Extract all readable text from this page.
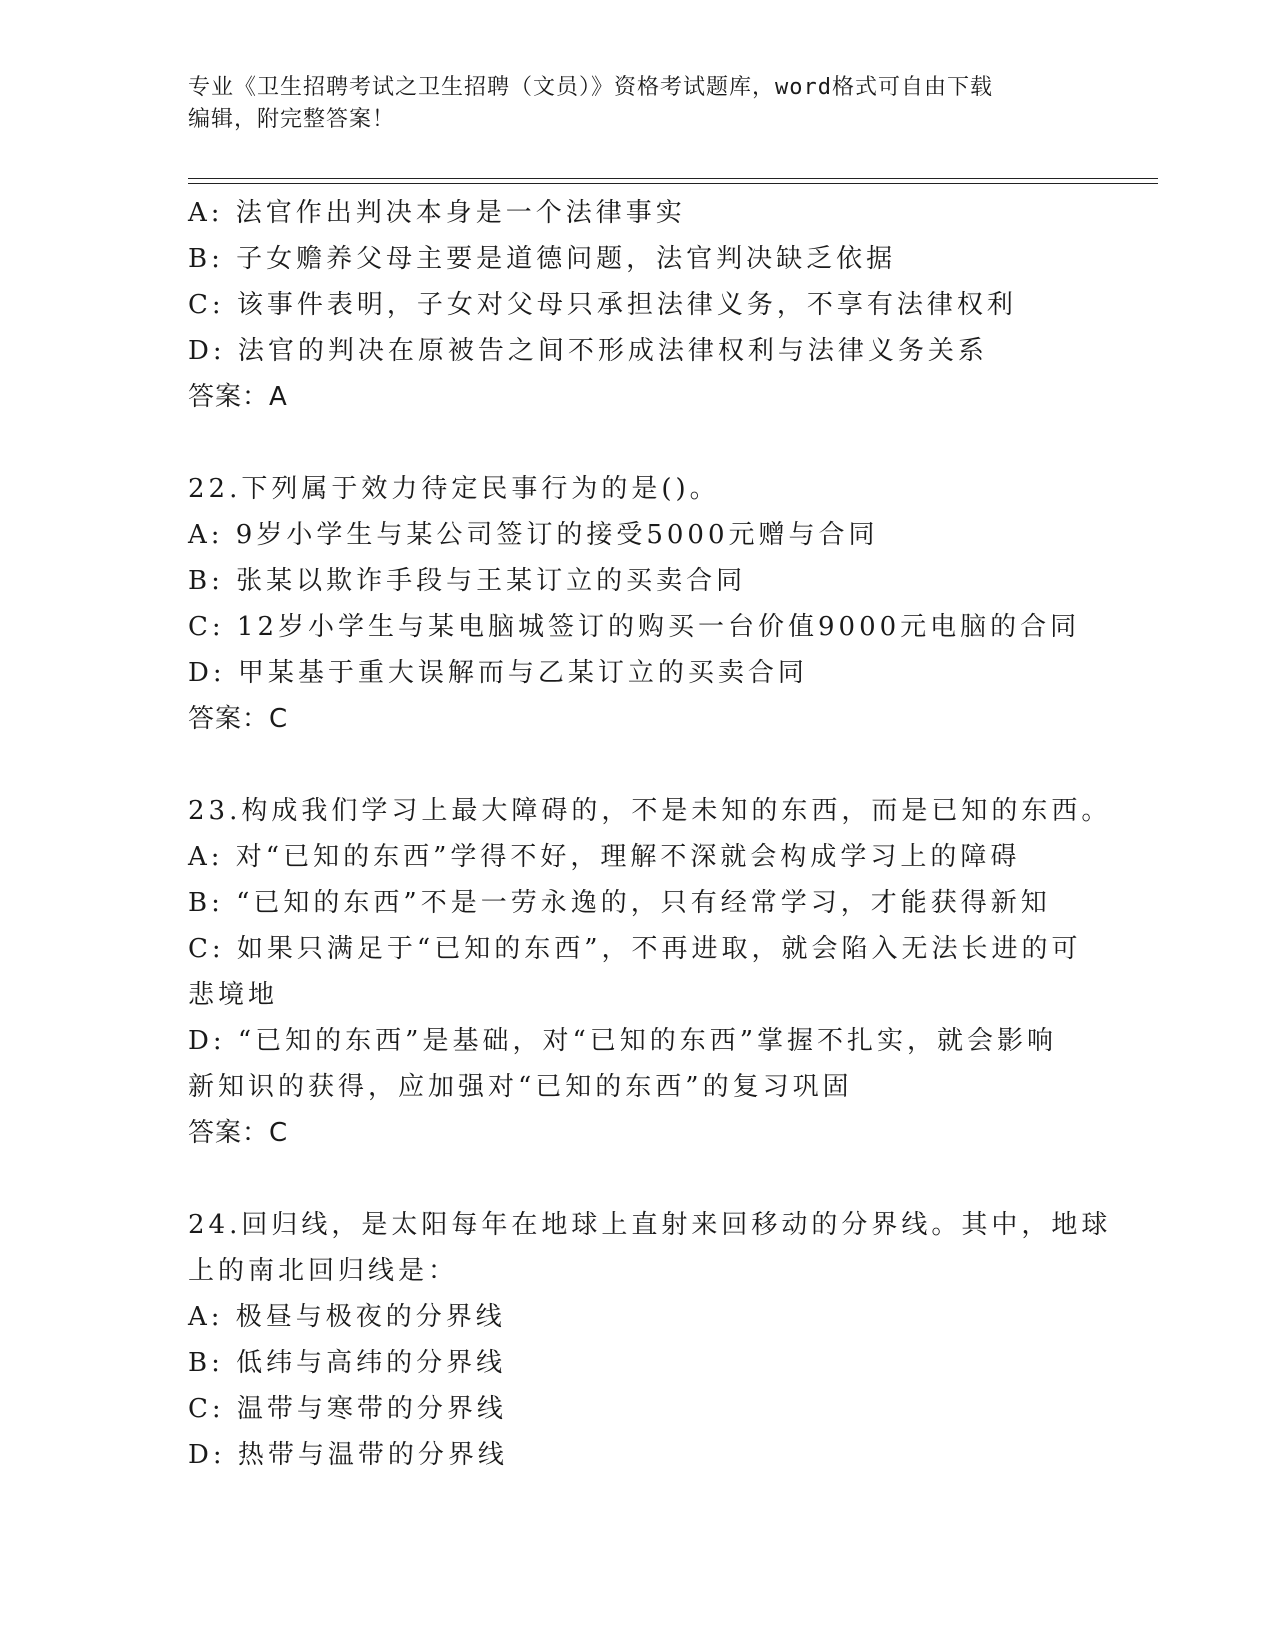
专业《卫生招聘考试之卫生招聘（文员）》资格考试题库，word格式可自由下载
编辑，附完整答案！
A: 法官作出判决本身是一个法律事实
B: 子女赡养父母主要是道德问题，法官判决缺乏依据
C: 该事件表明，子女对父母只承担法律义务，不享有法律权利
D: 法官的判决在原被告之间不形成法律权利与法律义务关系
答案：A
22.下列属于效力待定民事行为的是()。
A: 9岁小学生与某公司签订的接受5000元赠与合同
B: 张某以欺诈手段与王某订立的买卖合同
C: 12岁小学生与某电脑城签订的购买一台价值9000元电脑的合同
D: 甲某基于重大误解而与乙某订立的买卖合同
答案：C
23.构成我们学习上最大障碍的，不是未知的东西，而是已知的东西。
A: 对“已知的东西”学得不好，理解不深就会构成学习上的障碍
B: “已知的东西”不是一劳永逸的，只有经常学习，才能获得新知
C: 如果只满足于“已知的东西”，不再进取，就会陷入无法长进的可
悲境地
D: “已知的东西”是基础，对“已知的东西”掌握不扎实，就会影响
新知识的获得，应加强对“已知的东西”的复习巩固
答案：C
24.回归线，是太阳每年在地球上直射来回移动的分界线。其中，地球
上的南北回归线是：
A: 极昼与极夜的分界线
B: 低纬与高纬的分界线
C: 温带与寒带的分界线
D: 热带与温带的分界线
